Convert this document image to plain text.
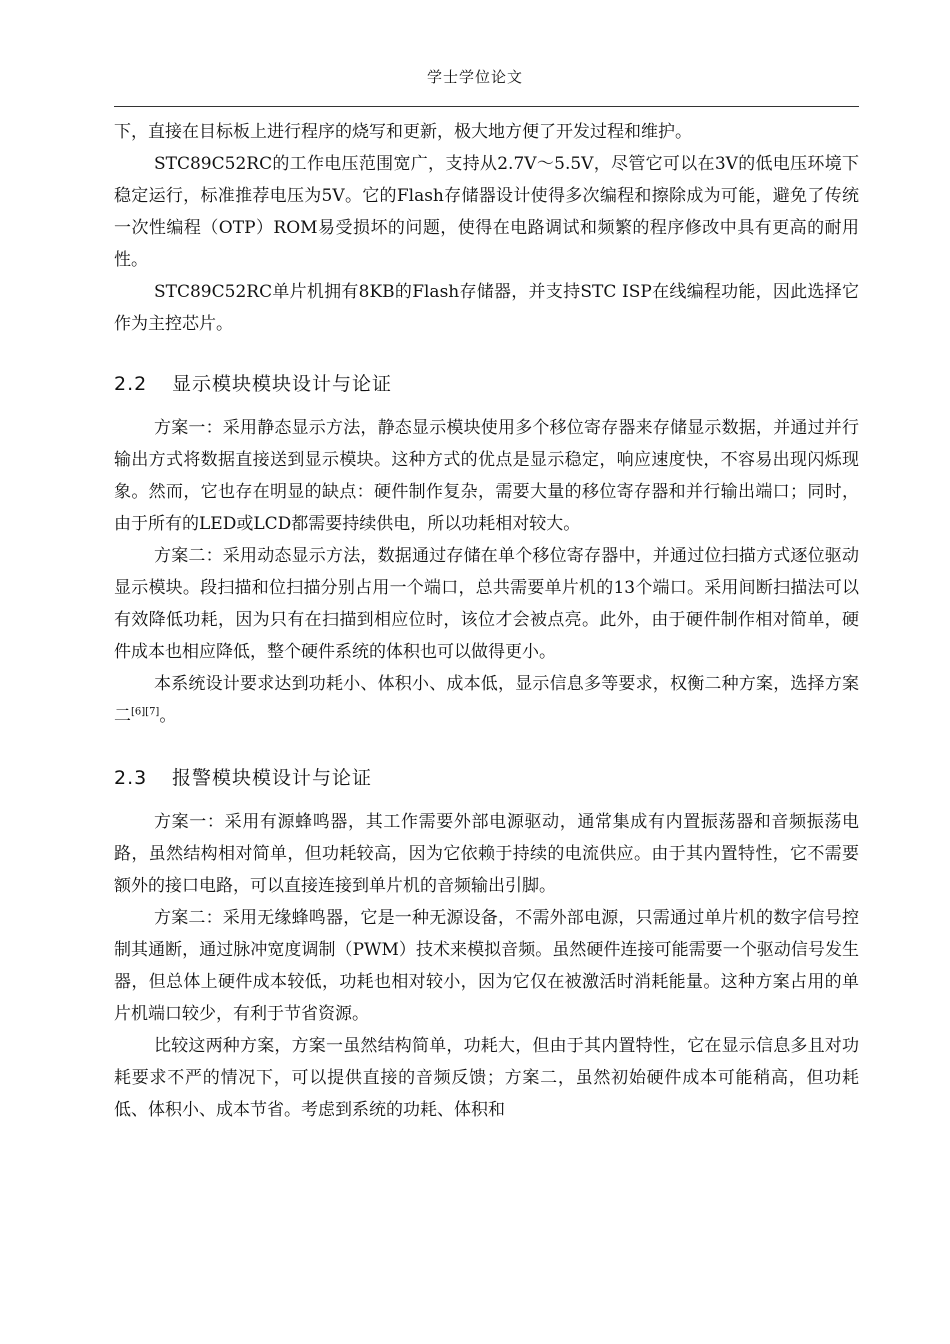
学士学位论文

下，直接在目标板上进行程序的烧写和更新，极大地方便了开发过程和维护。

STC89C52RC的工作电压范围宽广，支持从2.7V～5.5V，尽管它可以在3V的低电压环境下稳定运行，标准推荐电压为5V。它的Flash存储器设计使得多次编程和擦除成为可能，避免了传统一次性编程（OTP）ROM易受损坏的问题，使得在电路调试和频繁的程序修改中具有更高的耐用性。

STC89C52RC单片机拥有8KB的Flash存储器，并支持STC ISP在线编程功能，因此选择它作为主控芯片。

2.2 显示模块模块设计与论证

方案一：采用静态显示方法，静态显示模块使用多个移位寄存器来存储显示数据，并通过并行输出方式将数据直接送到显示模块。这种方式的优点是显示稳定，响应速度快，不容易出现闪烁现象。然而，它也存在明显的缺点：硬件制作复杂，需要大量的移位寄存器和并行输出端口；同时，由于所有的LED或LCD都需要持续供电，所以功耗相对较大。

方案二：采用动态显示方法，数据通过存储在单个移位寄存器中，并通过位扫描方式逐位驱动显示模块。段扫描和位扫描分别占用一个端口，总共需要单片机的13个端口。采用间断扫描法可以有效降低功耗，因为只有在扫描到相应位时，该位才会被点亮。此外，由于硬件制作相对简单，硬件成本也相应降低，整个硬件系统的体积也可以做得更小。

本系统设计要求达到功耗小、体积小、成本低，显示信息多等要求，权衡二种方案，选择方案二[6][7]。

2.3 报警模块模设计与论证

方案一：采用有源蜂鸣器，其工作需要外部电源驱动，通常集成有内置振荡器和音频振荡电路，虽然结构相对简单，但功耗较高，因为它依赖于持续的电流供应。由于其内置特性，它不需要额外的接口电路，可以直接连接到单片机的音频输出引脚。

方案二：采用无缘蜂鸣器，它是一种无源设备，不需外部电源，只需通过单片机的数字信号控制其通断，通过脉冲宽度调制（PWM）技术来模拟音频。虽然硬件连接可能需要一个驱动信号发生器，但总体上硬件成本较低，功耗也相对较小，因为它仅在被激活时消耗能量。这种方案占用的单片机端口较少，有利于节省资源。

比较这两种方案，方案一虽然结构简单，功耗大，但由于其内置特性，它在显示信息多且对功耗要求不严的情况下，可以提供直接的音频反馈；方案二，虽然初始硬件成本可能稍高，但功耗低、体积小、成本节省。考虑到系统的功耗、体积和
